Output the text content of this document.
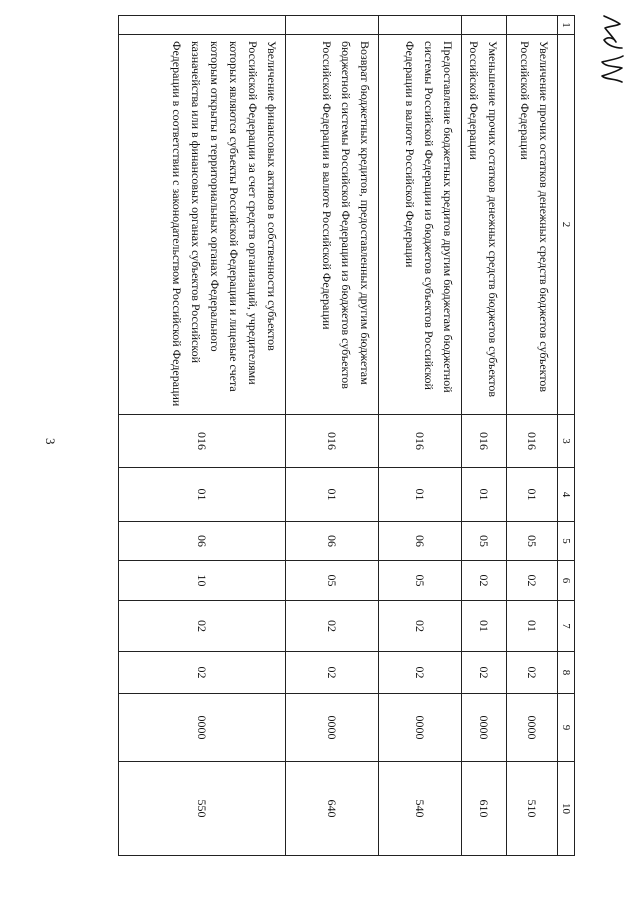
3
1	2	3	4	5	6	7	8	9	10
	Увеличение прочих остатков денежных средств бюджетов субъектов Российской Федерации	016	01	05	02	01	02	0000	510
	Уменьшение прочих остатков денежных средств бюджетов субъектов Российской Федерации	016	01	05	02	01	02	0000	610
	Предоставление бюджетных кредитов другим бюджетам бюджетной системы Российской Федерации из бюджетов субъектов Российской Федерации в валюте Российской Федерации	016	01	06	05	02	02	0000	540
	Возврат бюджетных кредитов, предоставленных другим бюджетам бюджетной системы Российской Федерации из бюджетов субъектов Российской Федерации в валюте Российской Федерации	016	01	06	05	02	02	0000	640
	Увеличение финансовых активов в собственности субъектов Российской Федерации за счет средств организаций, учредителями которых являются субъекты Российской Федерации и лицевые счета которым открыты в территориальных органах Федерального казначейства или в финансовых органах субъектов Российской Федерации в соответствии с законодательством Российской Федерации	016	01	06	10	02	02	0000	550
